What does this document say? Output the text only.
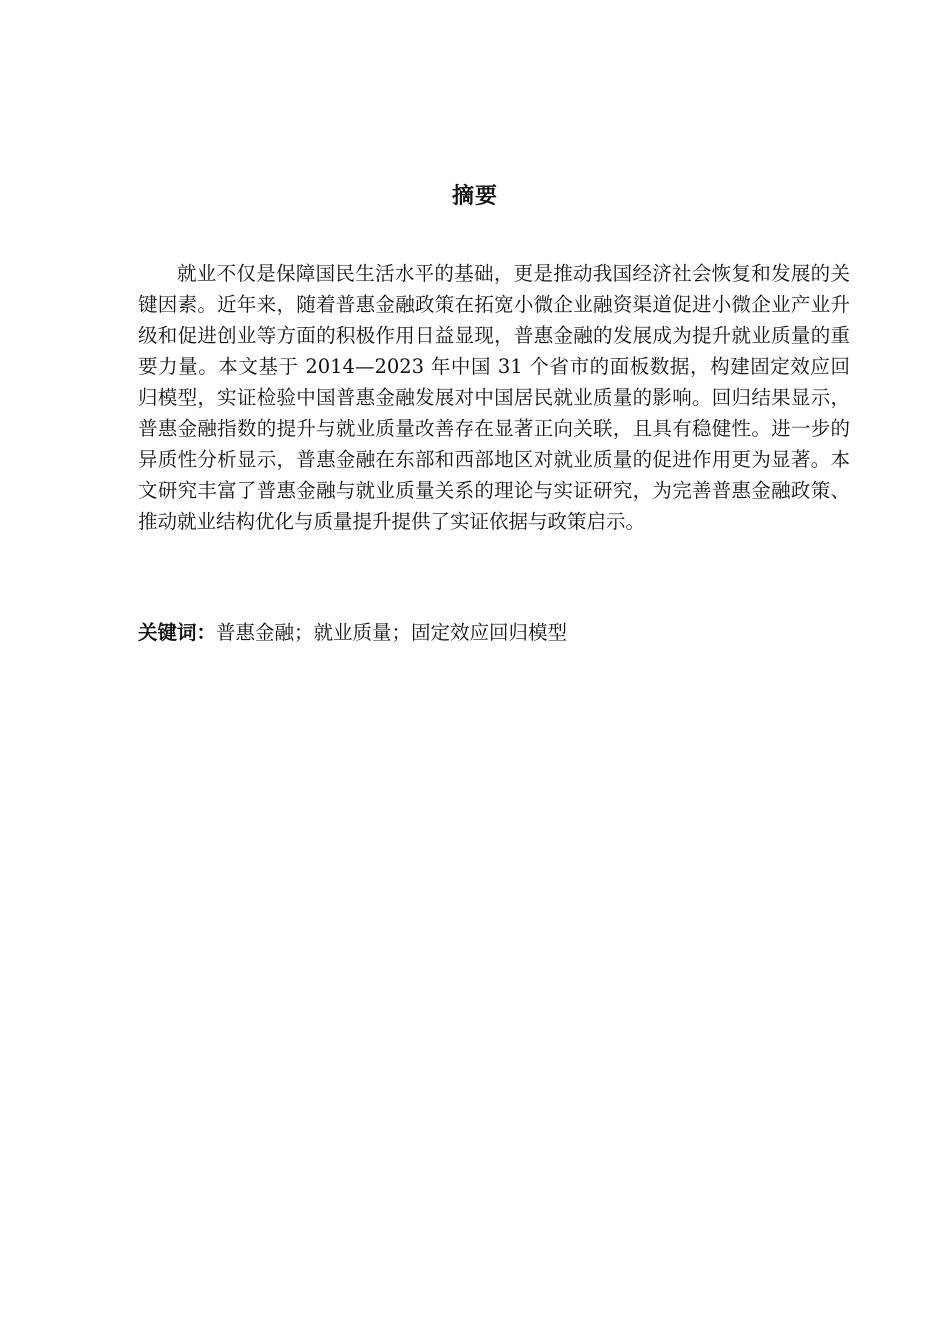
摘要

就业不仅是保障国民生活水平的基础，更是推动我国经济社会恢复和发展的关键因素。近年来，随着普惠金融政策在拓宽小微企业融资渠道促进小微企业产业升级和促进创业等方面的积极作用日益显现，普惠金融的发展成为提升就业质量的重要力量。本文基于 2014—2023 年中国 31 个省市的面板数据，构建固定效应回归模型，实证检验中国普惠金融发展对中国居民就业质量的影响。回归结果显示，普惠金融指数的提升与就业质量改善存在显著正向关联，且具有稳健性。进一步的异质性分析显示，普惠金融在东部和西部地区对就业质量的促进作用更为显著。本文研究丰富了普惠金融与就业质量关系的理论与实证研究，为完善普惠金融政策、推动就业结构优化与质量提升提供了实证依据与政策启示。

关键词：普惠金融；就业质量；固定效应回归模型
